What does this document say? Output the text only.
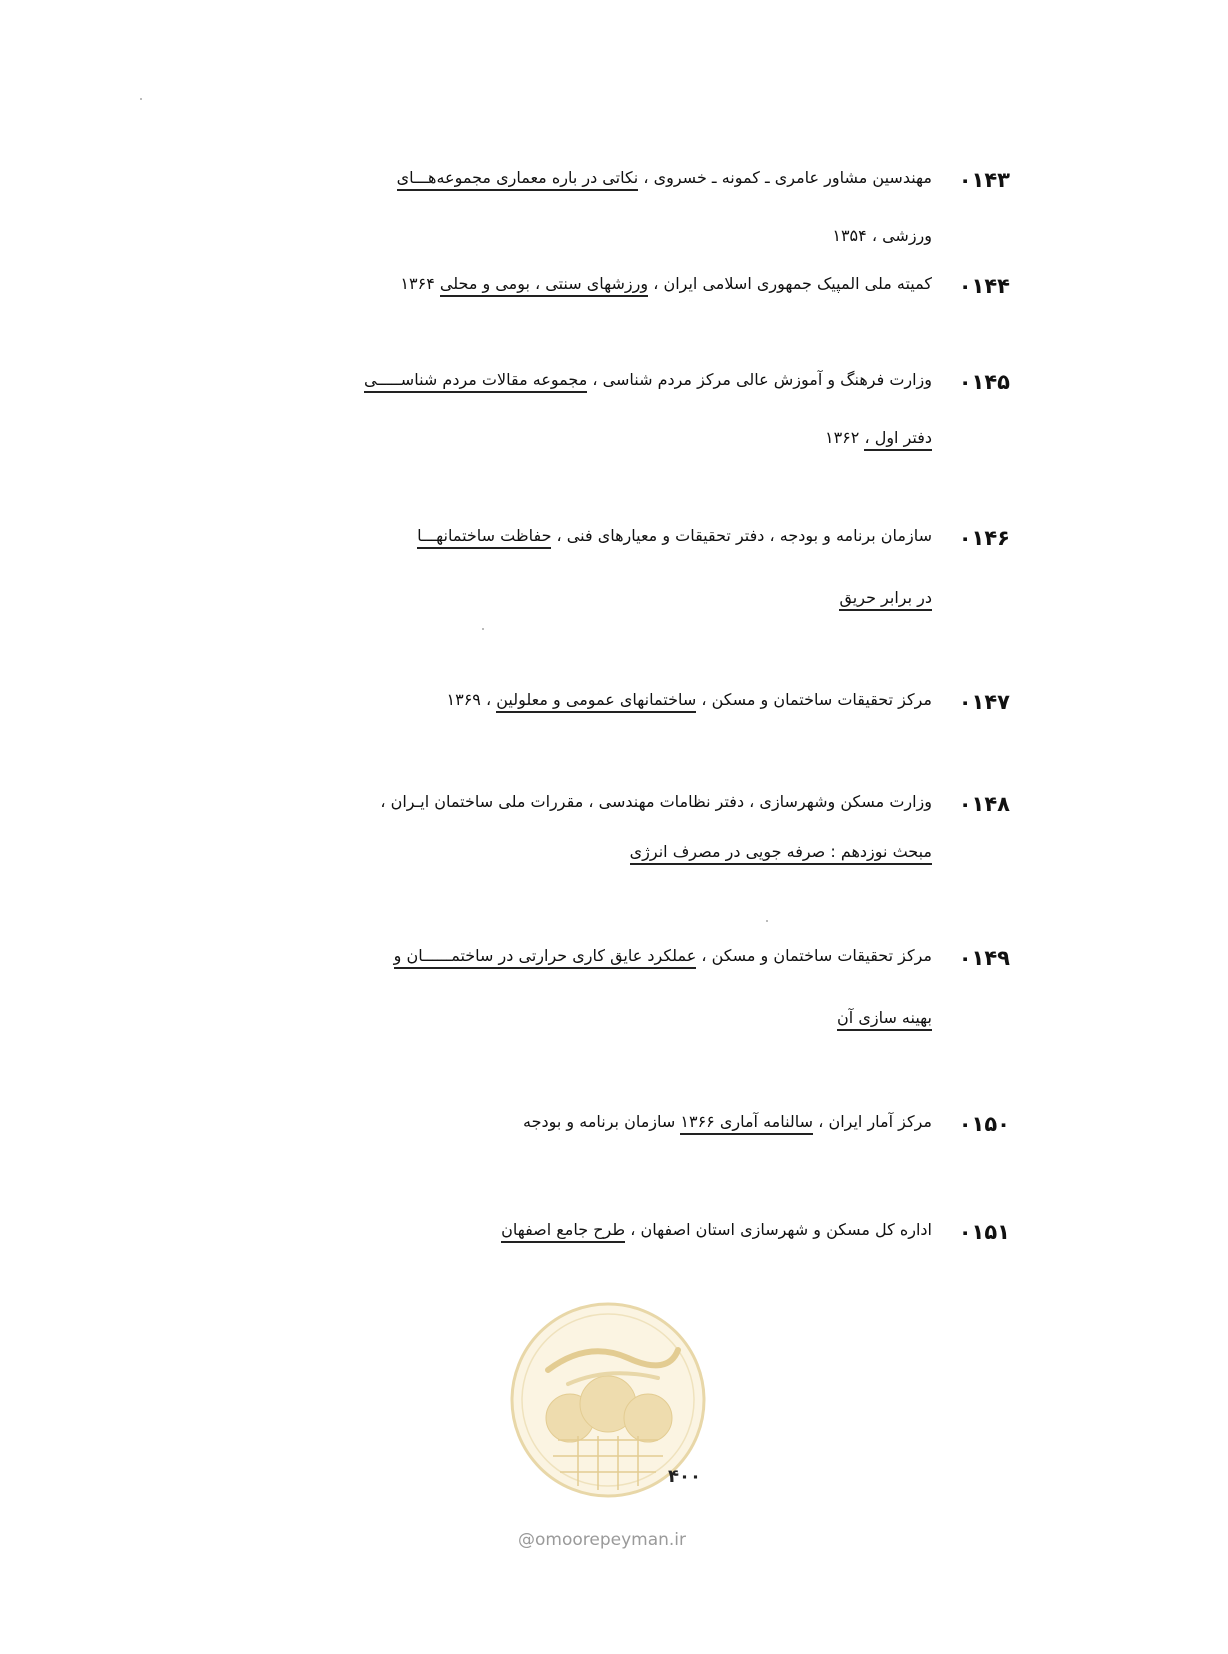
۰۱۴۳
مهندسین مشاور عامری ـ کمونه ـ خسروی ، نکاتی در باره معماری مجموعه‌هـــای
ورزشی ، ۱۳۵۴
۰۱۴۴
کمیته ملی المپیک جمهوری اسلامی ایران ، ورزشهای سنتی ، بومی و محلی ۱۳۶۴
۰۱۴۵
وزارت فرهنگ و آموزش عالی مرکز مردم شناسی ، مجموعه مقالات مردم شناســـــی
دفتر اول ، ۱۳۶۲
۰۱۴۶
سازمان برنامه و بودجه ، دفتر تحقیقات و معیارهای فنی ، حفاظت ساختمانهـــا
در برابر حریق
۰۱۴۷
مرکز تحقیقات ساختمان و مسکن ، ساختمانهای عمومی و معلولین ، ۱۳۶۹
۰۱۴۸
وزارت مسکن وشهرسازی ، دفتر نظامات مهندسی ، مقررات ملی ساختمان ایـران ،
مبحث نوزدهم : صرفه جویی در مصرف انرژی
۰۱۴۹
مرکز تحقیقات ساختمان و مسکن ، عملکرد عایق کاری حرارتی در ساختمــــــان و
بهینه سازی آن
۰۱۵۰
مرکز آمار ایران ، سالنامه آماری ۱۳۶۶ سازمان برنامه و بودجه
۰۱۵۱
اداره کل مسکن و شهرسازی استان اصفهان ، طرح جامع اصفهان
۴۰۰
@omoorepeyman.ir
